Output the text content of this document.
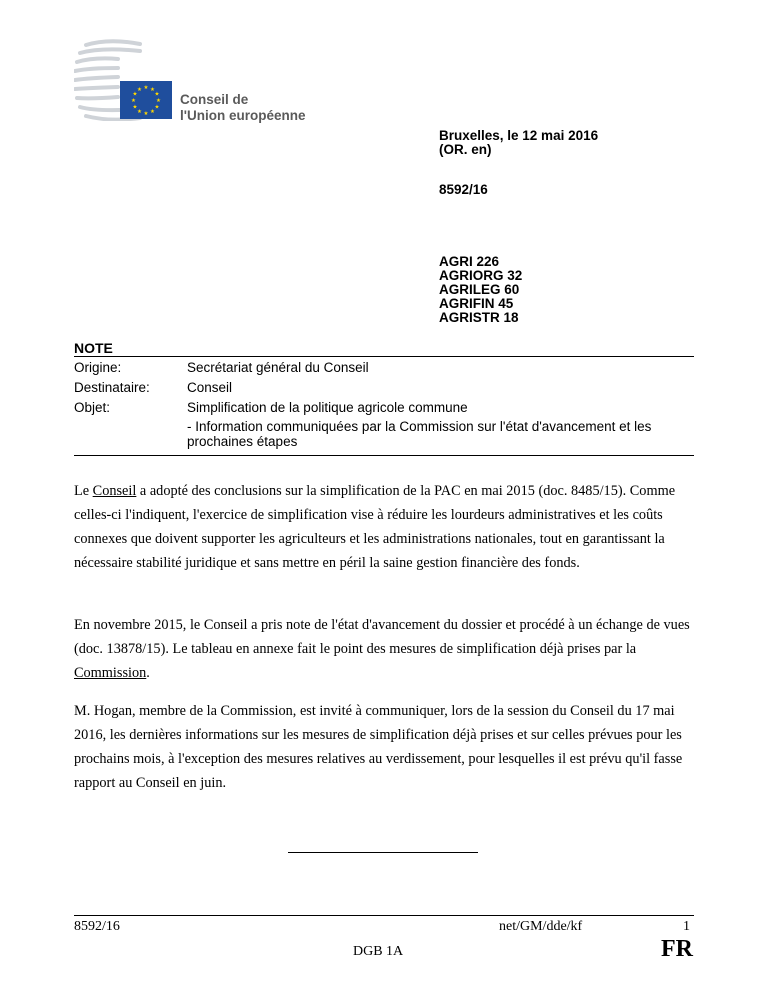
★ ★
★
★
★
★
★
★
★
★
★
★
Conseil de
l'Union européenne
Bruxelles, le 12 mai 2016
(OR. en)
8592/16
AGRI 226
AGRIORG 32
AGRILEG 60
AGRIFIN 45
AGRISTR 18
NOTE
Origine:	Secrétariat général du Conseil
Destinataire:	Conseil
Objet:	Simplification de la politique agricole commune
- Information communiquées par la Commission sur l'état d'avancement et les prochaines étapes

Le Conseil a adopté des conclusions sur la simplification de la PAC en mai 2015 (doc. 8485/15). Comme celles-ci l'indiquent, l'exercice de simplification vise à réduire les lourdeurs administratives et les coûts connexes que doivent supporter les agriculteurs et les administrations nationales, tout en garantissant la nécessaire stabilité juridique et sans mettre en péril la saine gestion financière des fonds.

En novembre 2015, le Conseil a pris note de l'état d'avancement du dossier et procédé à un échange de vues (doc. 13878/15). Le tableau en annexe fait le point des mesures de simplification déjà prises par la Commission.

M. Hogan, membre de la Commission, est invité à communiquer, lors de la session du Conseil du 17 mai 2016, les dernières informations sur les mesures de simplification déjà prises et sur celles prévues pour les prochains mois, à l'exception des mesures relatives au verdissement, pour lesquelles il est prévu qu'il fasse rapport au Conseil en juin.

8592/16	net/GM/dde/kf	1
DGB 1A	FR
